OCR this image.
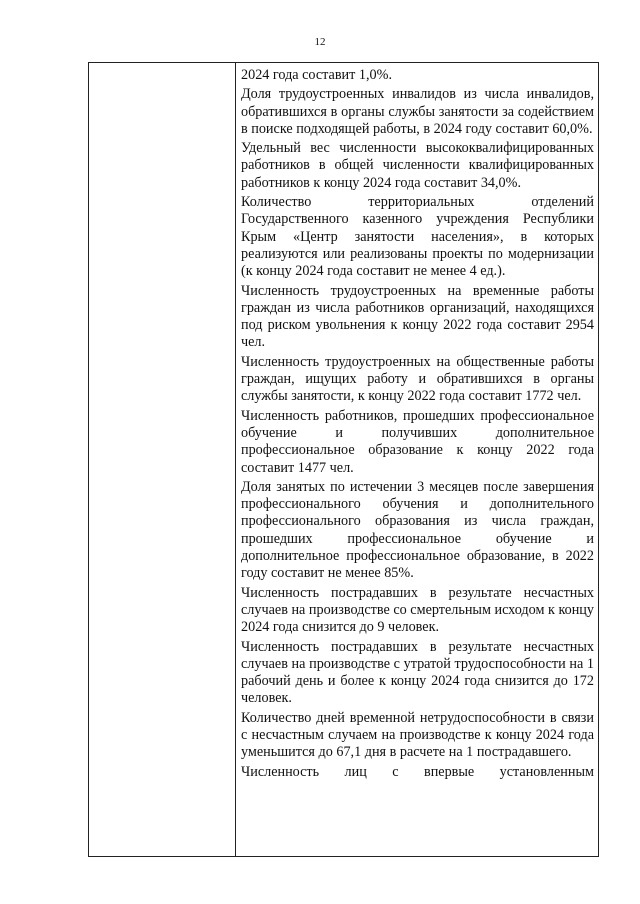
12

2024 года составит 1,0%.

Доля трудоустроенных инвалидов из числа инвалидов, обратившихся в органы службы занятости за содействием в поиске подходящей работы, в 2024 году составит 60,0%.

Удельный вес численности высококвалифицированных работников в общей численности квалифицированных работников к концу 2024 года составит 34,0%.

Количество территориальных отделений Государственного казенного учреждения Республики Крым «Центр занятости населения», в которых реализуются или реализованы проекты по модернизации (к концу 2024 года составит не менее 4 ед.).

Численность трудоустроенных на временные работы граждан из числа работников организаций, находящихся под риском увольнения к концу 2022 года составит 2954 чел.

Численность трудоустроенных на общественные работы граждан, ищущих работу и обратившихся в органы службы занятости, к концу 2022 года составит 1772 чел.

Численность работников, прошедших профессиональное обучение и получивших дополнительное профессиональное образование к концу 2022 года составит 1477 чел.

Доля занятых по истечении 3 месяцев после завершения профессионального обучения и дополнительного профессионального образования из числа граждан, прошедших профессиональное обучение и дополнительное профессиональное образование, в 2022 году составит не менее 85%.

Численность пострадавших в результате несчастных случаев на производстве со смертельным исходом к концу 2024 года снизится до 9 человек.

Численность пострадавших в результате несчастных случаев на производстве с утратой трудоспособности на 1 рабочий день и более к концу 2024 года снизится до 172 человек.

Количество дней временной нетрудоспособности в связи с несчастным случаем на производстве к концу 2024 года уменьшится до 67,1 дня в расчете на 1 пострадавшего.

Численность лиц с впервые установленным
